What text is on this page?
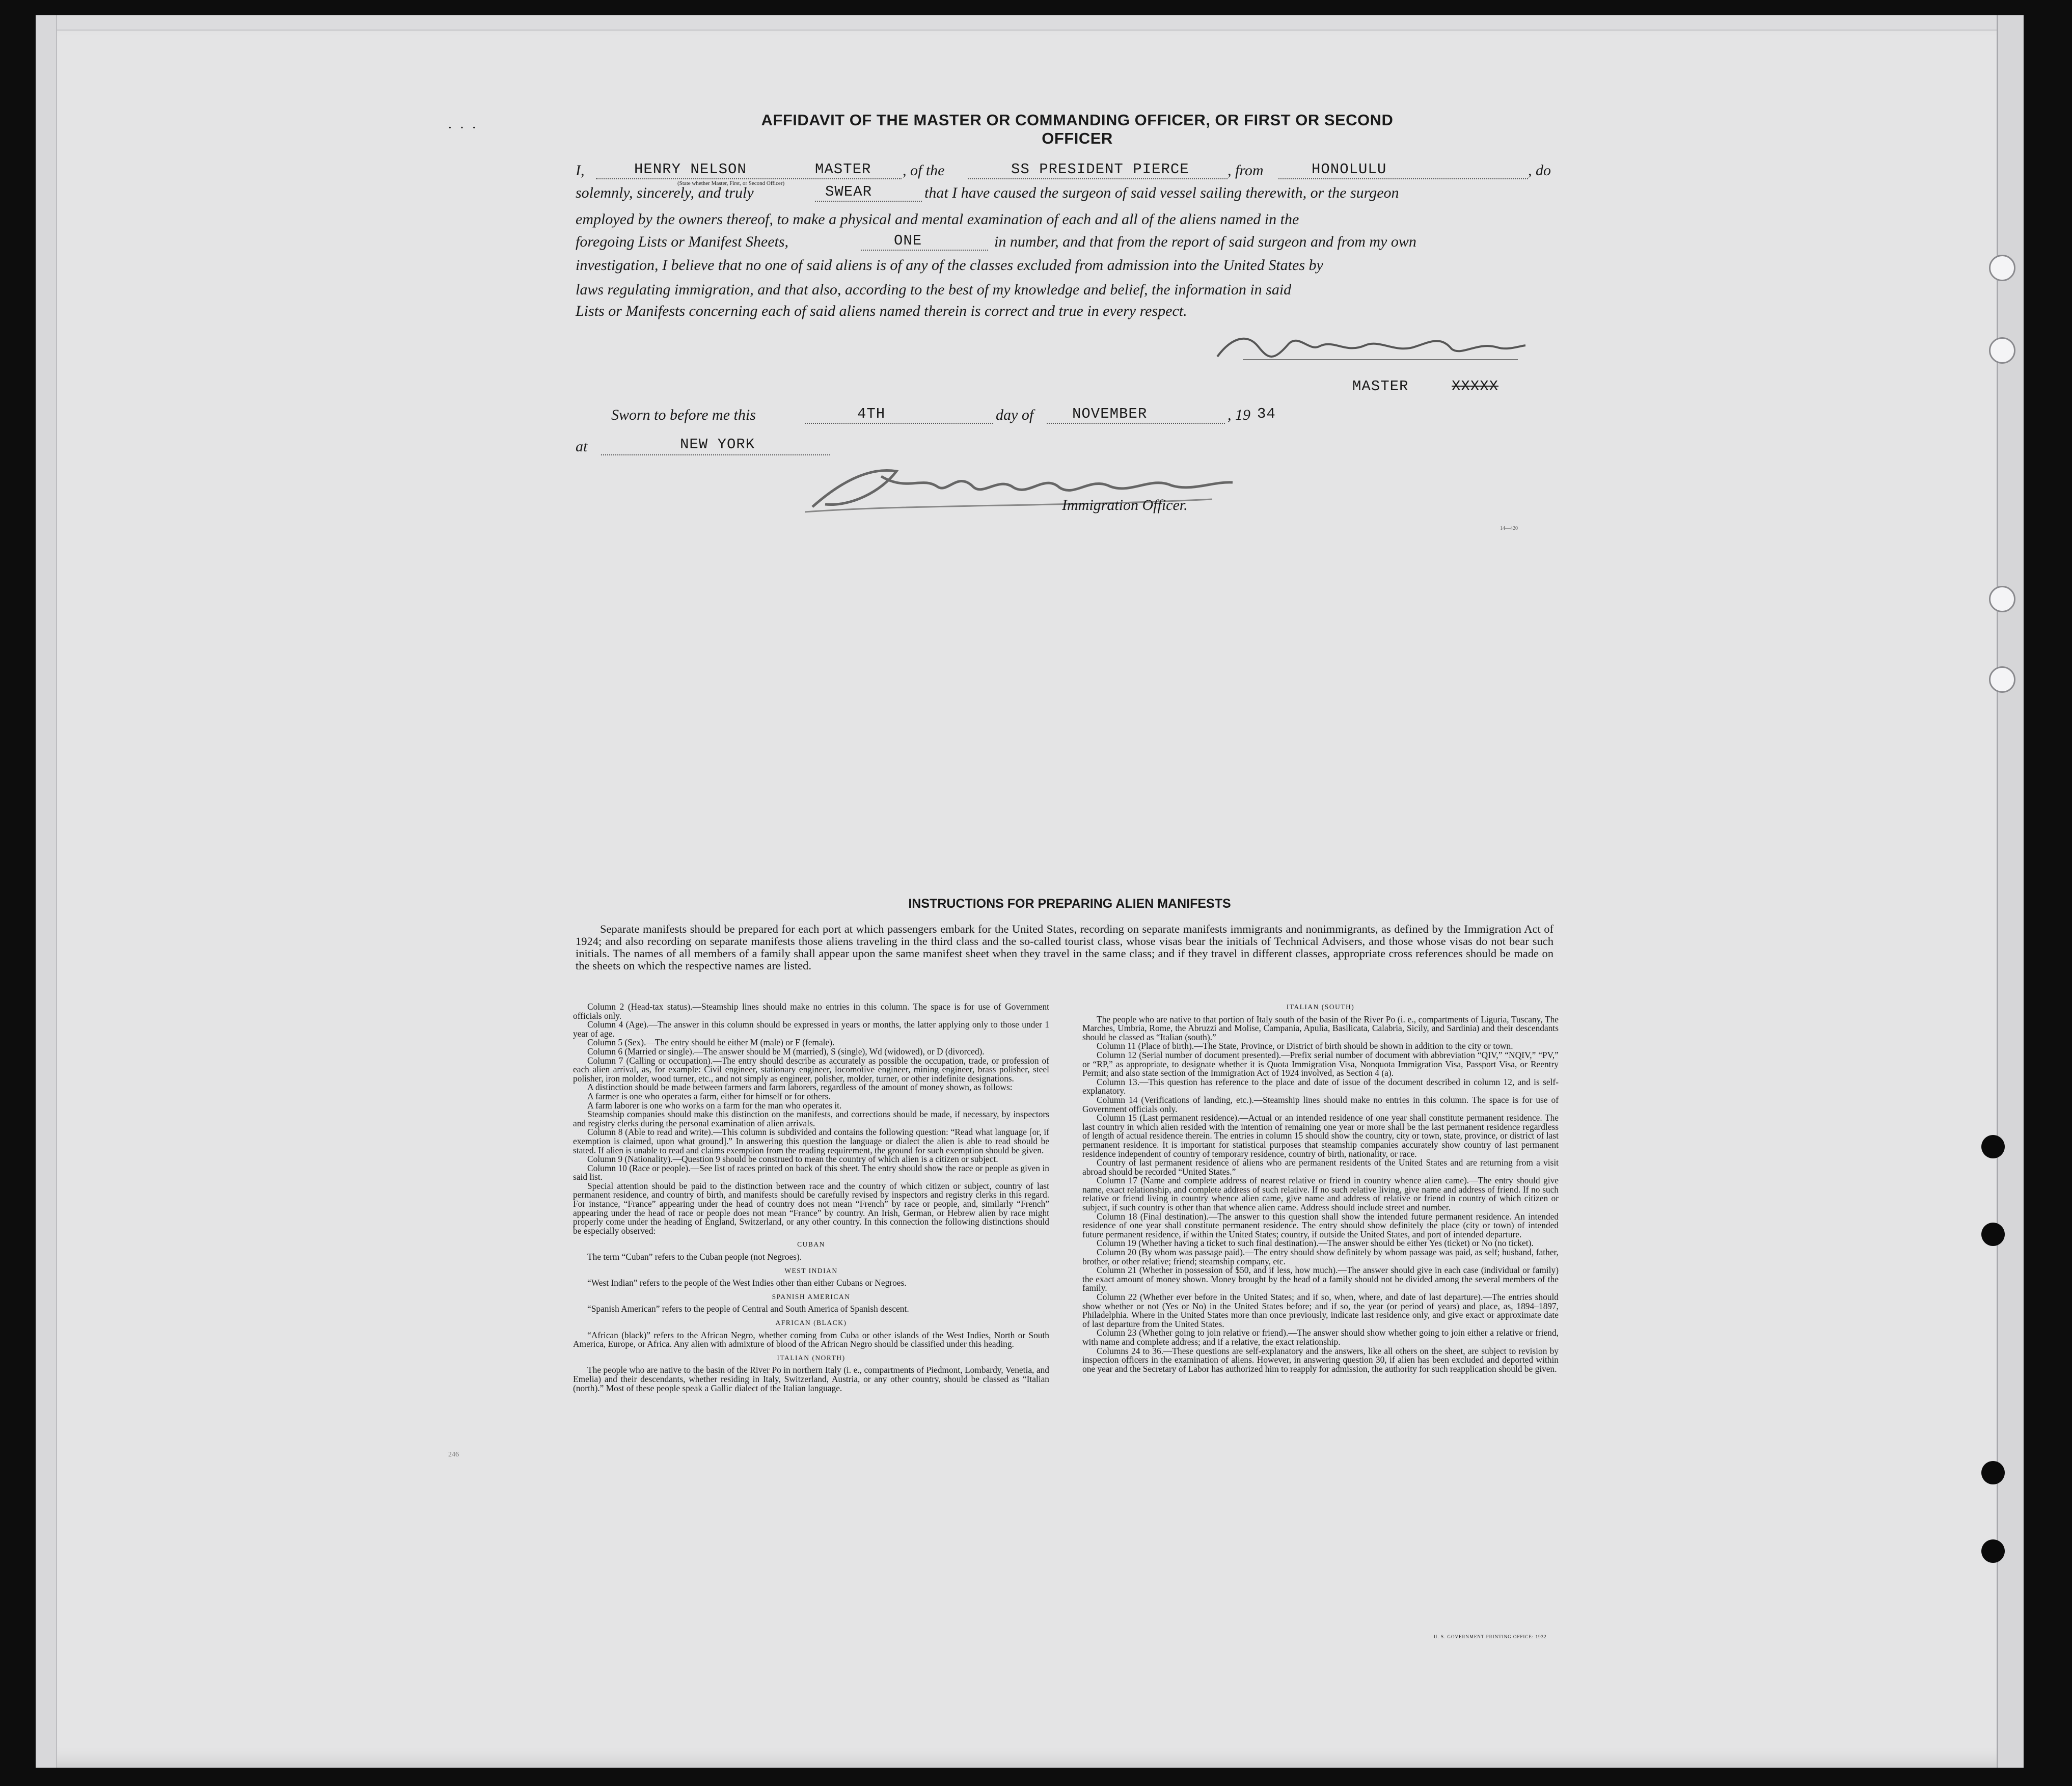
· · ·	AFFIDAVIT OF THE MASTER OR COMMANDING OFFICER, OR FIRST OR SECOND OFFICER
I,	HENRY NELSON	MASTER
(State whether Master, First, or Second Officer)
, of the	SS PRESIDENT PIERCE	, from	HONOLULU	, do
solemnly, sincerely, and truly	SWEAR	that I have caused the surgeon of said vessel sailing therewith, or the surgeon
employed by the owners thereof, to make a physical and mental examination of each and all of the aliens named in the
foregoing Lists or Manifest Sheets,	ONE	in number, and that from the report of said surgeon and from my own
investigation, I believe that no one of said aliens is of any of the classes excluded from admission into the United States by
laws regulating immigration, and that also, according to the best of my knowledge and belief, the information in said
Lists or Manifests concerning each of said aliens named therein is correct and true in every respect.
MASTER	XXXXX
Sworn to before me this	4TH	day of	NOVEMBER	, 19 34
at	NEW YORK
Immigration Officer.
14—420
INSTRUCTIONS FOR PREPARING ALIEN MANIFESTS
Separate manifests should be prepared for each port at which passengers embark for the United States, recording on separate manifests immigrants and nonimmigrants, as defined by the Immigration Act of 1924; and also recording on separate manifests those aliens traveling in the third class and the so-called tourist class, whose visas bear the initials of Technical Advisers, and those whose visas do not bear such initials. The names of all members of a family shall appear upon the same manifest sheet when they travel in the same class; and if they travel in different classes, appropriate cross references should be made on the sheets on which the respective names are listed.

Column 2 (Head-tax status).—Steamship lines should make no entries in this column. The space is for use of Government officials only.

Column 4 (Age).—The answer in this column should be expressed in years or months, the latter applying only to those under 1 year of age.

Column 5 (Sex).—The entry should be either M (male) or F (female).

Column 6 (Married or single).—The answer should be M (married), S (single), Wd (widowed), or D (divorced).

Column 7 (Calling or occupation).—The entry should describe as accurately as possible the occupation, trade, or profession of each alien arrival, as, for example: Civil engineer, stationary engineer, locomotive engineer, mining engineer, brass polisher, steel polisher, iron molder, wood turner, etc., and not simply as engineer, polisher, molder, turner, or other indefinite designations.

A distinction should be made between farmers and farm laborers, regardless of the amount of money shown, as follows:

A farmer is one who operates a farm, either for himself or for others.

A farm laborer is one who works on a farm for the man who operates it.

Steamship companies should make this distinction on the manifests, and corrections should be made, if necessary, by inspectors and registry clerks during the personal examination of alien arrivals.

Column 8 (Able to read and write).—This column is subdivided and contains the following question: “Read what language [or, if exemption is claimed, upon what ground].” In answering this question the language or dialect the alien is able to read should be stated. If alien is unable to read and claims exemption from the reading requirement, the ground for such exemption should be given.

Column 9 (Nationality).—Question 9 should be construed to mean the country of which alien is a citizen or subject.

Column 10 (Race or people).—See list of races printed on back of this sheet. The entry should show the race or people as given in said list.

Special attention should be paid to the distinction between race and the country of which citizen or subject, country of last permanent residence, and country of birth, and manifests should be carefully revised by inspectors and registry clerks in this regard. For instance, “France” appearing under the head of country does not mean “French” by race or people, and, similarly “French” appearing under the head of race or people does not mean “France” by country. An Irish, German, or Hebrew alien by race might properly come under the heading of England, Switzerland, or any other country. In this connection the following distinctions should be especially observed:

CUBAN

The term “Cuban” refers to the Cuban people (not Negroes).

WEST INDIAN

“West Indian” refers to the people of the West Indies other than either Cubans or Negroes.

SPANISH AMERICAN

“Spanish American” refers to the people of Central and South America of Spanish descent.

AFRICAN (BLACK)

“African (black)” refers to the African Negro, whether coming from Cuba or other islands of the West Indies, North or South America, Europe, or Africa. Any alien with admixture of blood of the African Negro should be classified under this heading.

ITALIAN (NORTH)

The people who are native to the basin of the River Po in northern Italy (i. e., compartments of Piedmont, Lombardy, Venetia, and Emelia) and their descendants, whether residing in Italy, Switzerland, Austria, or any other country, should be classed as “Italian (north).” Most of these people speak a Gallic dialect of the Italian language.

ITALIAN (SOUTH)

The people who are native to that portion of Italy south of the basin of the River Po (i. e., compartments of Liguria, Tuscany, The Marches, Umbria, Rome, the Abruzzi and Molise, Campania, Apulia, Basilicata, Calabria, Sicily, and Sardinia) and their descendants should be classed as “Italian (south).”

Column 11 (Place of birth).—The State, Province, or District of birth should be shown in addition to the city or town.

Column 12 (Serial number of document presented).—Prefix serial number of document with abbreviation “QIV,” “NQIV,” “PV,” or “RP,” as appropriate, to designate whether it is Quota Immigration Visa, Nonquota Immigration Visa, Passport Visa, or Reentry Permit; and also state section of the Immigration Act of 1924 involved, as Section 4 (a).

Column 13.—This question has reference to the place and date of issue of the document described in column 12, and is self-explanatory.

Column 14 (Verifications of landing, etc.).—Steamship lines should make no entries in this column. The space is for use of Government officials only.

Column 15 (Last permanent residence).—Actual or an intended residence of one year shall constitute permanent residence. The last country in which alien resided with the intention of remaining one year or more shall be the last permanent residence regardless of length of actual residence therein. The entries in column 15 should show the country, city or town, state, province, or district of last permanent residence. It is important for statistical purposes that steamship companies accurately show country of last permanent residence independent of country of temporary residence, country of birth, nationality, or race.

Country of last permanent residence of aliens who are permanent residents of the United States and are returning from a visit abroad should be recorded “United States.”

Column 17 (Name and complete address of nearest relative or friend in country whence alien came).—The entry should give name, exact relationship, and complete address of such relative. If no such relative living, give name and address of friend. If no such relative or friend living in country whence alien came, give name and address of relative or friend in country of which citizen or subject, if such country is other than that whence alien came. Address should include street and number.

Column 18 (Final destination).—The answer to this question shall show the intended future permanent residence. An intended residence of one year shall constitute permanent residence. The entry should show definitely the place (city or town) of intended future permanent residence, if within the United States; country, if outside the United States, and port of intended departure.

Column 19 (Whether having a ticket to such final destination).—The answer should be either Yes (ticket) or No (no ticket).

Column 20 (By whom was passage paid).—The entry should show definitely by whom passage was paid, as self; husband, father, brother, or other relative; friend; steamship company, etc.

Column 21 (Whether in possession of $50, and if less, how much).—The answer should give in each case (individual or family) the exact amount of money shown. Money brought by the head of a family should not be divided among the several members of the family.

Column 22 (Whether ever before in the United States; and if so, when, where, and date of last departure).—The entries should show whether or not (Yes or No) in the United States before; and if so, the year (or period of years) and place, as, 1894–1897, Philadelphia. Where in the United States more than once previously, indicate last residence only, and give exact or approximate date of last departure from the United States.

Column 23 (Whether going to join relative or friend).—The answer should show whether going to join either a relative or friend, with name and complete address; and if a relative, the exact relationship.

Columns 24 to 36.—These questions are self-explanatory and the answers, like all others on the sheet, are subject to revision by inspection officers in the examination of aliens. However, in answering question 30, if alien has been excluded and deported within one year and the Secretary of Labor has authorized him to reapply for admission, the authority for such reapplication should be given.

U. S. GOVERNMENT PRINTING OFFICE: 1932
246
